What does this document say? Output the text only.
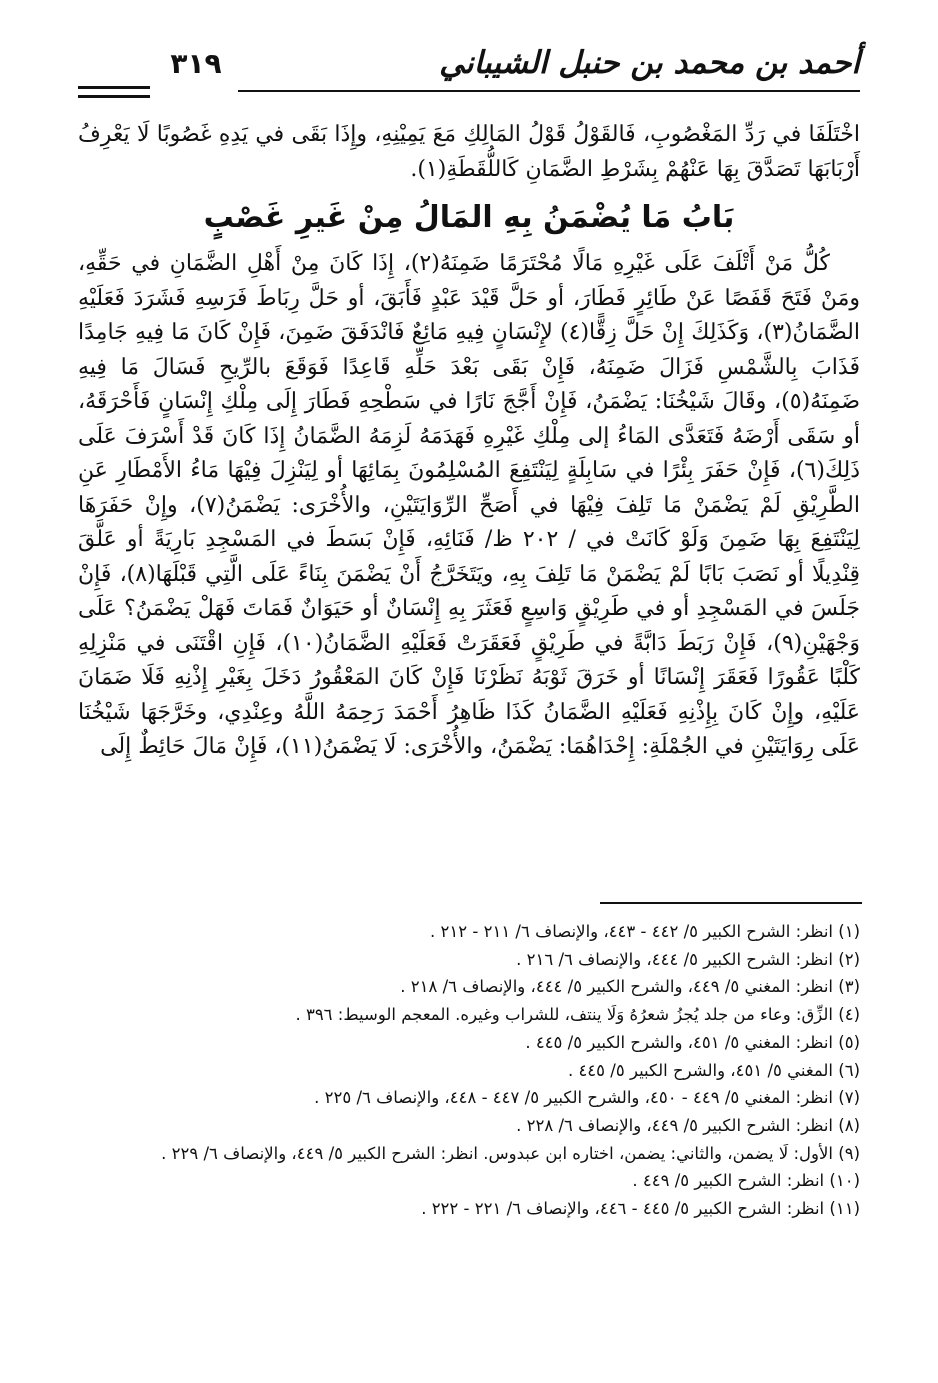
أحمد بن محمد بن حنبل الشيباني
٣١٩

اخْتَلَفَا في رَدِّ المَغْصُوبِ، فَالقَوْلُ قَوْلُ المَالِكِ مَعَ يَمِيْنِهِ، وإِذَا بَقَى في يَدِهِ غَصُوبًا لَا يَعْرِفُ أَرْبَابَهَا تَصَدَّقَ بِهَا عَنْهُمْ بِشَرْطِ الضَّمَانِ كَاللُّقَطَةِ(١).

بَابُ مَا يُضْمَنُ بِهِ المَالُ مِنْ غَيرِ غَصْبٍ

كُلُّ مَنْ أَتْلَفَ عَلَى غَيْرِهِ مَالًا مُحْتَرَمًا ضَمِنَهُ(٢)، إِذَا كَانَ مِنْ أَهْلِ الضَّمَانِ في حَقِّهِ، ومَنْ فَتَحَ قَفَصًا عَنْ طَائِرٍ فَطَارَ، أو حَلَّ قَيْدَ عَبْدٍ فَأَبَقَ، أو حَلَّ رِبَاطَ فَرَسِهِ فَشَرَدَ فَعَلَيْهِ الضَّمَانُ(٣)، وَكَذَلِكَ إِنْ حَلَّ زِقًّا(٤) لإِنْسَانٍ فِيهِ مَائِعٌ فَانْدَفَقَ ضَمِنَ، فَإِنْ كَانَ مَا فِيهِ جَامِدًا فَذَابَ بِالشَّمْسِ فَزَالَ ضَمِنَهُ، فَإِنْ بَقَى بَعْدَ حَلِّهِ قَاعِدًا فَوَقَعَ بالرِّيحِ فَسَالَ مَا فِيهِ ضَمِنَهُ(٥)، وقَالَ شَيْخُنَا: يَضْمَنُ، فَإِنْ أَجَّجَ نَارًا في سَطْحِهِ فَطَارَ إِلَى مِلْكِ إِنْسَانٍ فَأَحْرَقَهُ، أو سَقَى أَرْضَهُ فَتَعَدَّى المَاءُ إلى مِلْكِ غَيْرِهِ فَهَدَمَهُ لَزِمَهُ الضَّمَانُ إِذَا كَانَ قَدْ أَسْرَفَ عَلَى ذَلِكَ(٦)، فَإِنْ حَفَرَ بِئْرًا في سَابِلَةٍ لِيَنْتَفِعَ المُسْلِمُونَ بِمَائِهَا أو لِيَنْزِلَ فِيْهَا مَاءُ الأَمْطَارِ عَنِ الطَّرِيْقِ لَمْ يَضْمَنْ مَا تَلِفَ فِيْهَا في أَصَحِّ الرِّوَايَتَيْنِ، والأُخْرَى: يَضْمَنُ(٧)، وإِنْ حَفَرَهَا لِيَنْتَفِعَ بِهَا ضَمِنَ وَلَوْ كَانَتْ في / ٢٠٢ ظ/ فَنَائِهِ، فَإِنْ بَسَطَ في المَسْجِدِ بَارِيَةً أو عَلَّقَ قِنْدِيلًا أو نَصَبَ بَابًا لَمْ يَضْمَنْ مَا تَلِفَ بِهِ، ويَتَخَرَّجُ أَنْ يَضْمَنَ بِنَاءً عَلَى الَّتِي قَبْلَهَا(٨)، فَإِنْ جَلَسَ في المَسْجِدِ أو في طَرِيْقٍ وَاسِعٍ فَعَثَرَ بِهِ إِنْسَانٌ أو حَيَوَانٌ فَمَاتَ فَهَلْ يَضْمَنُ؟ عَلَى وَجْهَيْنِ(٩)، فَإِنْ رَبَطَ دَابَّةً في طَرِيْقٍ فَعَقَرَتْ فَعَلَيْهِ الضَّمَانُ(١٠)، فَإِنِ اقْتَنَى في مَنْزِلِهِ كَلْبًا عَقُورًا فَعَقَرَ إِنْسَانًا أو خَرَقَ ثَوْبَهُ نَظَرْنَا فَإِنْ كَانَ المَعْقُورُ دَخَلَ بِغَيْرِ إِذْنِهِ فَلَا ضَمَانَ عَلَيْهِ، وإِنْ كَانَ بِإِذْنِهِ فَعَلَيْهِ الضَّمَانُ كَذَا ظَاهِرُ أَحْمَدَ رَحِمَهُ اللَّهُ وعِنْدِي، وخَرَّجَهَا شَيْخُنَا عَلَى رِوَايَتَيْنِ في الجُمْلَةِ: إِحْدَاهُمَا: يَضْمَنُ، والأُخْرَى: لَا يَضْمَنُ(١١)، فَإِنْ مَالَ حَائِطٌ إِلَى

(١) انظر: الشرح الكبير ٥/ ٤٤٢ - ٤٤٣، والإنصاف ٦/ ٢١١ - ٢١٢ .

(٢) انظر: الشرح الكبير ٥/ ٤٤٤، والإنصاف ٦/ ٢١٦ .

(٣) انظر: المغني ٥/ ٤٤٩، والشرح الكبير ٥/ ٤٤٤، والإنصاف ٦/ ٢١٨ .

(٤) الزِّق: وعاء من جلد يُجزُ شعرُهُ وَلَا ينتف، للشراب وغيره. المعجم الوسيط: ٣٩٦ .

(٥) انظر: المغني ٥/ ٤٥١، والشرح الكبير ٥/ ٤٤٥ .

(٦) المغني ٥/ ٤٥١، والشرح الكبير ٥/ ٤٤٥ .

(٧) انظر: المغني ٥/ ٤٤٩ - ٤٥٠، والشرح الكبير ٥/ ٤٤٧ - ٤٤٨، والإنصاف ٦/ ٢٢٥ .

(٨) انظر: الشرح الكبير ٥/ ٤٤٩، والإنصاف ٦/ ٢٢٨ .

(٩) الأول: لَا يضمن، والثاني: يضمن، اختاره ابن عبدوس. انظر: الشرح الكبير ٥/ ٤٤٩، والإنصاف ٦/ ٢٢٩ .

(١٠) انظر: الشرح الكبير ٥/ ٤٤٩ .

(١١) انظر: الشرح الكبير ٥/ ٤٤٥ - ٤٤٦، والإنصاف ٦/ ٢٢١ - ٢٢٢ .
